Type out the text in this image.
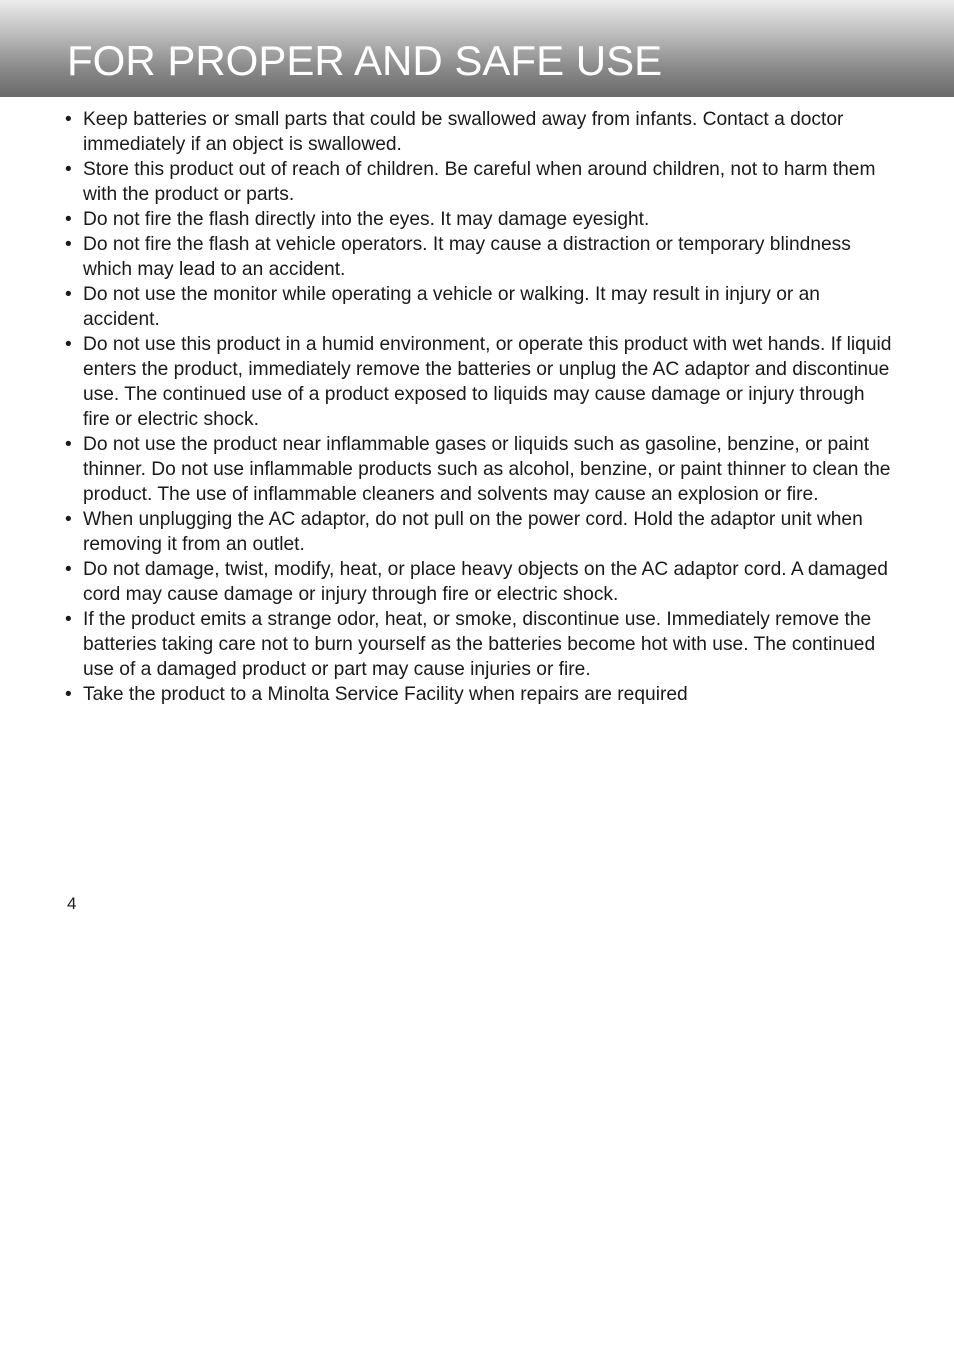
FOR PROPER AND SAFE USE
• Keep batteries or small parts that could be swallowed away from infants. Contact a doctor immediately if an object is swallowed.
• Store this product out of reach of children. Be careful when around children, not to harm them with the product or parts.
• Do not fire the flash directly into the eyes. It may damage eyesight.
• Do not fire the flash at vehicle operators. It may cause a distraction or temporary blindness which may lead to an accident.
• Do not use the monitor while operating a vehicle or walking. It may result in injury or an accident.
• Do not use this product in a humid environment, or operate this product with wet hands. If liquid enters the product, immediately remove the batteries or unplug the AC adaptor and discontinue use. The continued use of a product exposed to liquids may cause damage or injury through fire or electric shock.
• Do not use the product near inflammable gases or liquids such as gasoline, benzine, or paint thinner. Do not use inflammable products such as alcohol, benzine, or paint thinner to clean the product. The use of inflammable cleaners and solvents may cause an explosion or fire.
• When unplugging the AC adaptor, do not pull on the power cord. Hold the adaptor unit when removing it from an outlet.
• Do not damage, twist, modify, heat, or place heavy objects on the AC adaptor cord. A damaged cord may cause damage or injury through fire or electric shock.
• If the product emits a strange odor, heat, or smoke, discontinue use. Immediately remove the batteries taking care not to burn yourself as the batteries become hot with use. The continued use of a damaged product or part may cause injuries or fire.
• Take the product to a Minolta Service Facility when repairs are required
4
